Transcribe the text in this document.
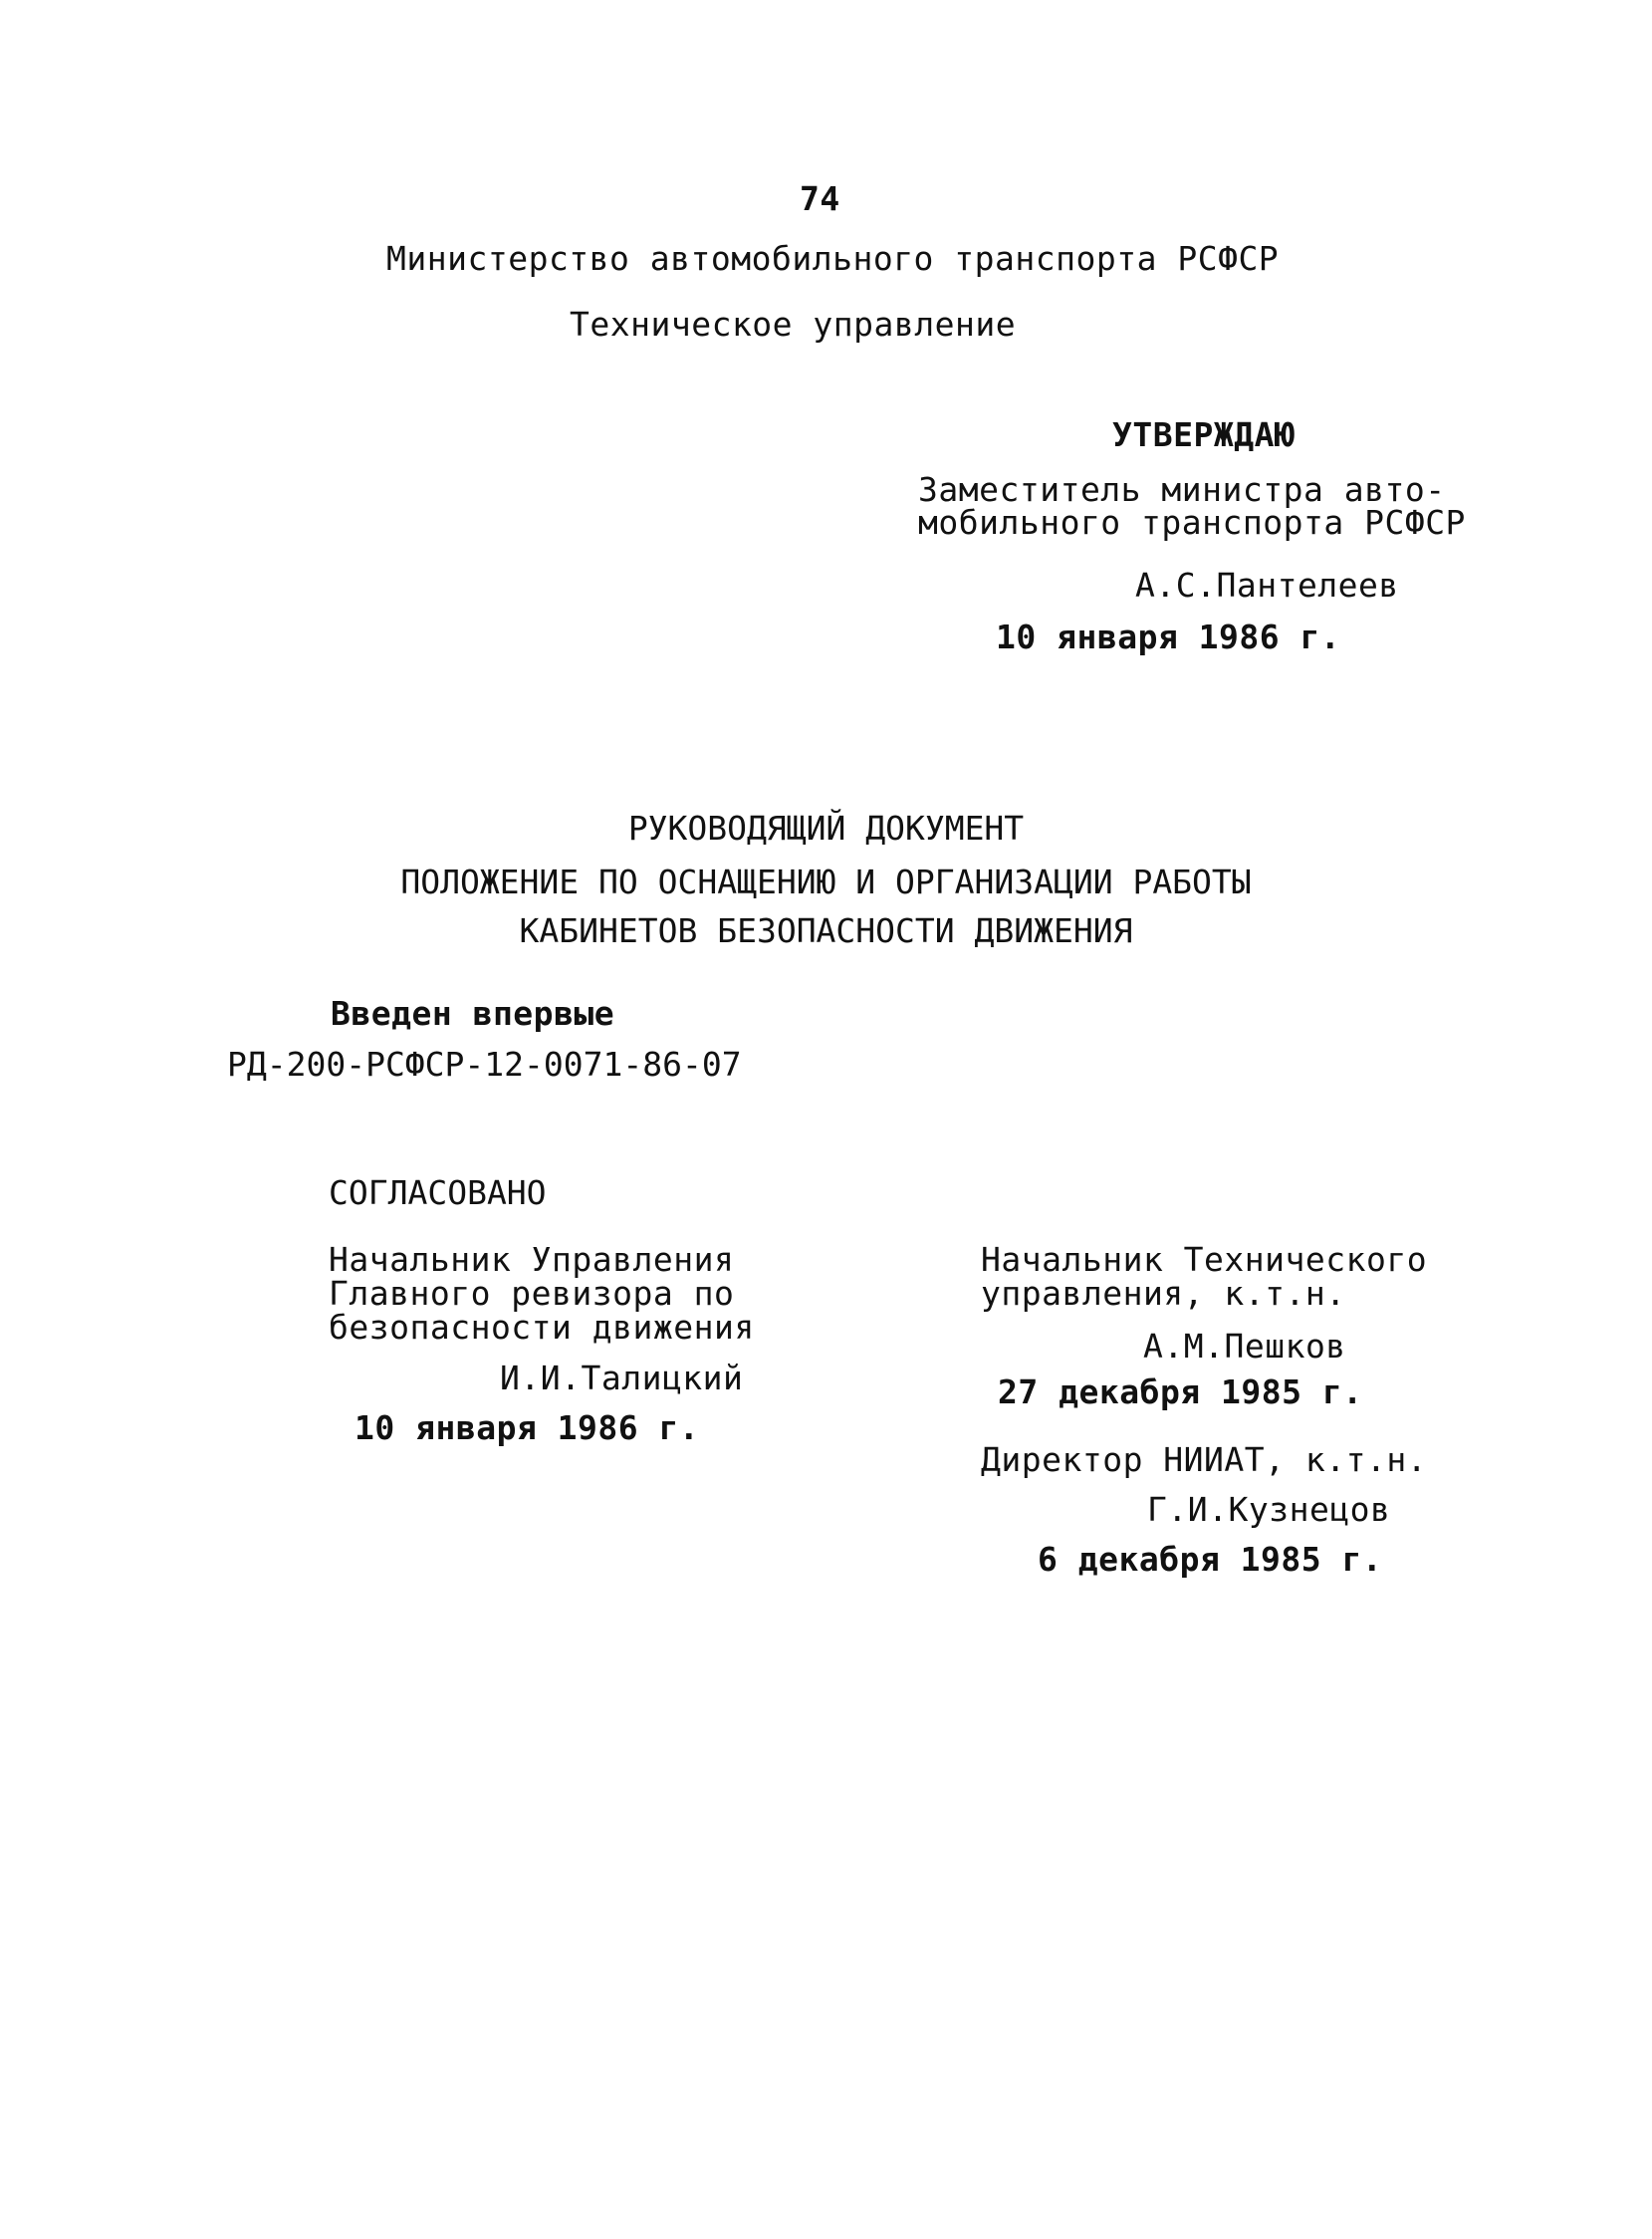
74
Министерство автомобильного транспорта РСФСР
Техническое управление
УТВЕРЖДАЮ
Заместитель министра авто-
мобильного транспорта РСФСР
А.С.Пантелеев
10 января 1986 г.
РУКОВОДЯЩИЙ ДОКУМЕНТ
ПОЛОЖЕНИЕ ПО ОСНАЩЕНИЮ И ОРГАНИЗАЦИИ РАБОТЫ
КАБИНЕТОВ БЕЗОПАСНОСТИ ДВИЖЕНИЯ
Введен впервые
РД-200-РСФСР-12-0071-86-07
СОГЛАСОВАНО
Начальник Управления
Главного ревизора по
безопасности движения
И.И.Талицкий
10 января 1986 г.
Начальник Технического
управления, к.т.н.
А.М.Пешков
27 декабря 1985 г.
Директор НИИАТ, к.т.н.
Г.И.Кузнецов
6 декабря 1985 г.
